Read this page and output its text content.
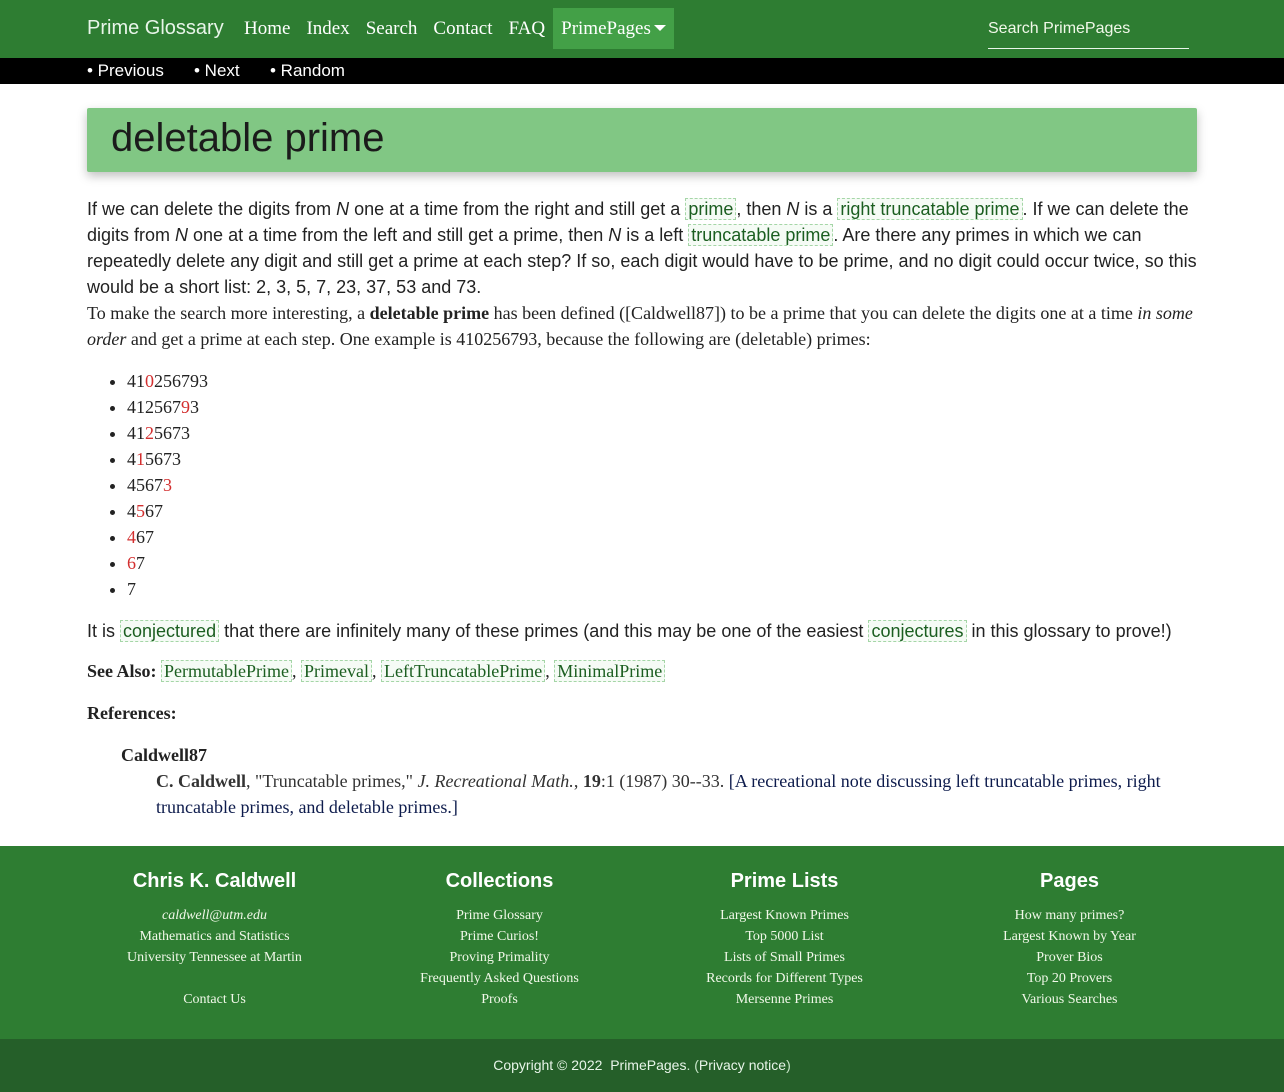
Prime Glossary	Home Index Search Contact FAQ PrimePages
Search PrimePages
• Previous • Next • Random
deletable prime

If we can delete the digits from N one at a time from the right and still get a prime , then N is a right truncatable prime . If we can delete the digits from N one at a time from the left and still get a prime, then N is a left truncatable prime . Are there any primes in which we can repeatedly delete any digit and still get a prime at each step? If so, each digit would have to be prime, and no digit could occur twice, so this would be a short list: 2, 3, 5, 7, 23, 37, 53 and 73.

To make the search more interesting, a deletable prime has been defined ([Caldwell87]) to be a prime that you can delete the digits one at a time in some order and get a prime at each step. One example is 410256793, because the following are (deletable) primes:

• 410256793
• 41256793
• 4125673
• 415673
• 45673
• 4567
• 467
• 67
• 7

It is conjectured that there are infinitely many of these primes (and this may be one of the easiest conjectures in this glossary to prove!)

See Also: PermutablePrime , Primeval , LeftTruncatablePrime , MinimalPrime

References:

Caldwell87

C. Caldwell, "Truncatable primes," J. Recreational Math., 19:1 (1987) 30--33. [A recreational note discussing left truncatable primes, right truncatable primes, and deletable primes.]

Chris K. Caldwell
caldwell@utm.edu
Mathematics and Statistics
University Tennessee at Martin
Contact Us
Collections
Prime Glossary
Prime Curios!
Proving Primality
Frequently Asked Questions
Proofs
Prime Lists
Largest Known Primes
Top 5000 List
Lists of Small Primes
Records for Different Types
Mersenne Primes
Pages
How many primes?
Largest Known by Year
Prover Bios
Top 20 Provers
Various Searches
Copyright © 2022 PrimePages. (Privacy notice)
